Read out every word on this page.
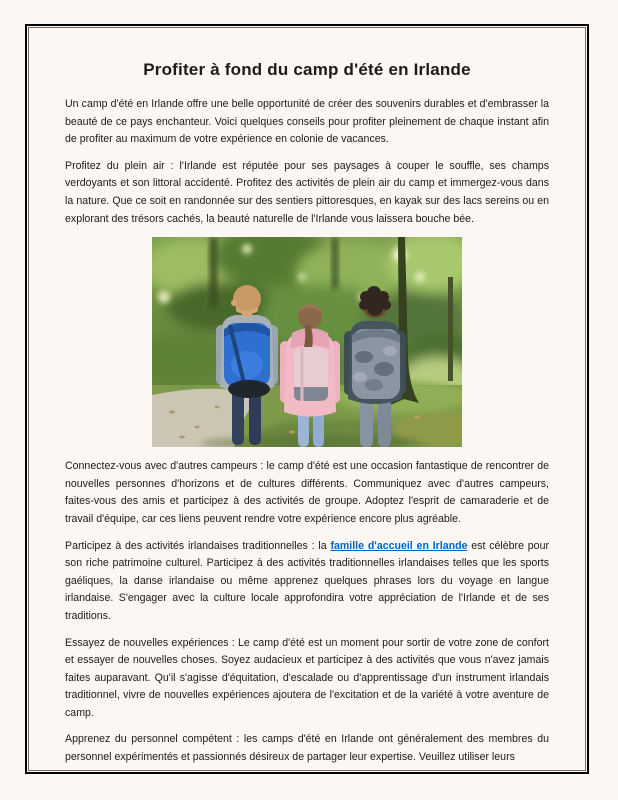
Profiter à fond du camp d'été en Irlande

Un camp d'été en Irlande offre une belle opportunité de créer des souvenirs durables et d'embrasser la beauté de ce pays enchanteur. Voici quelques conseils pour profiter pleinement de chaque instant afin de profiter au maximum de votre expérience en colonie de vacances.

Profitez du plein air : l'Irlande est réputée pour ses paysages à couper le souffle, ses champs verdoyants et son littoral accidenté. Profitez des activités de plein air du camp et immergez-vous dans la nature. Que ce soit en randonnée sur des sentiers pittoresques, en kayak sur des lacs sereins ou en explorant des trésors cachés, la beauté naturelle de l'Irlande vous laissera bouche bée.

Connectez-vous avec d'autres campeurs : le camp d'été est une occasion fantastique de rencontrer de nouvelles personnes d'horizons et de cultures différents. Communiquez avec d'autres campeurs, faites-vous des amis et participez à des activités de groupe. Adoptez l'esprit de camaraderie et de travail d'équipe, car ces liens peuvent rendre votre expérience encore plus agréable.

Participez à des activités irlandaises traditionnelles : la famille d'accueil en Irlande est célèbre pour son riche patrimoine culturel. Participez à des activités traditionnelles irlandaises telles que les sports gaéliques, la danse irlandaise ou même apprenez quelques phrases lors du voyage en langue irlandaise. S'engager avec la culture locale approfondira votre appréciation de l'Irlande et de ses traditions.

Essayez de nouvelles expériences : Le camp d'été est un moment pour sortir de votre zone de confort et essayer de nouvelles choses. Soyez audacieux et participez à des activités que vous n'avez jamais faites auparavant. Qu'il s'agisse d'équitation, d'escalade ou d'apprentissage d'un instrument irlandais traditionnel, vivre de nouvelles expériences ajoutera de l'excitation et de la variété à votre aventure de camp.

Apprenez du personnel compétent : les camps d'été en Irlande ont généralement des membres du personnel expérimentés et passionnés désireux de partager leur expertise. Veuillez utiliser leurs
